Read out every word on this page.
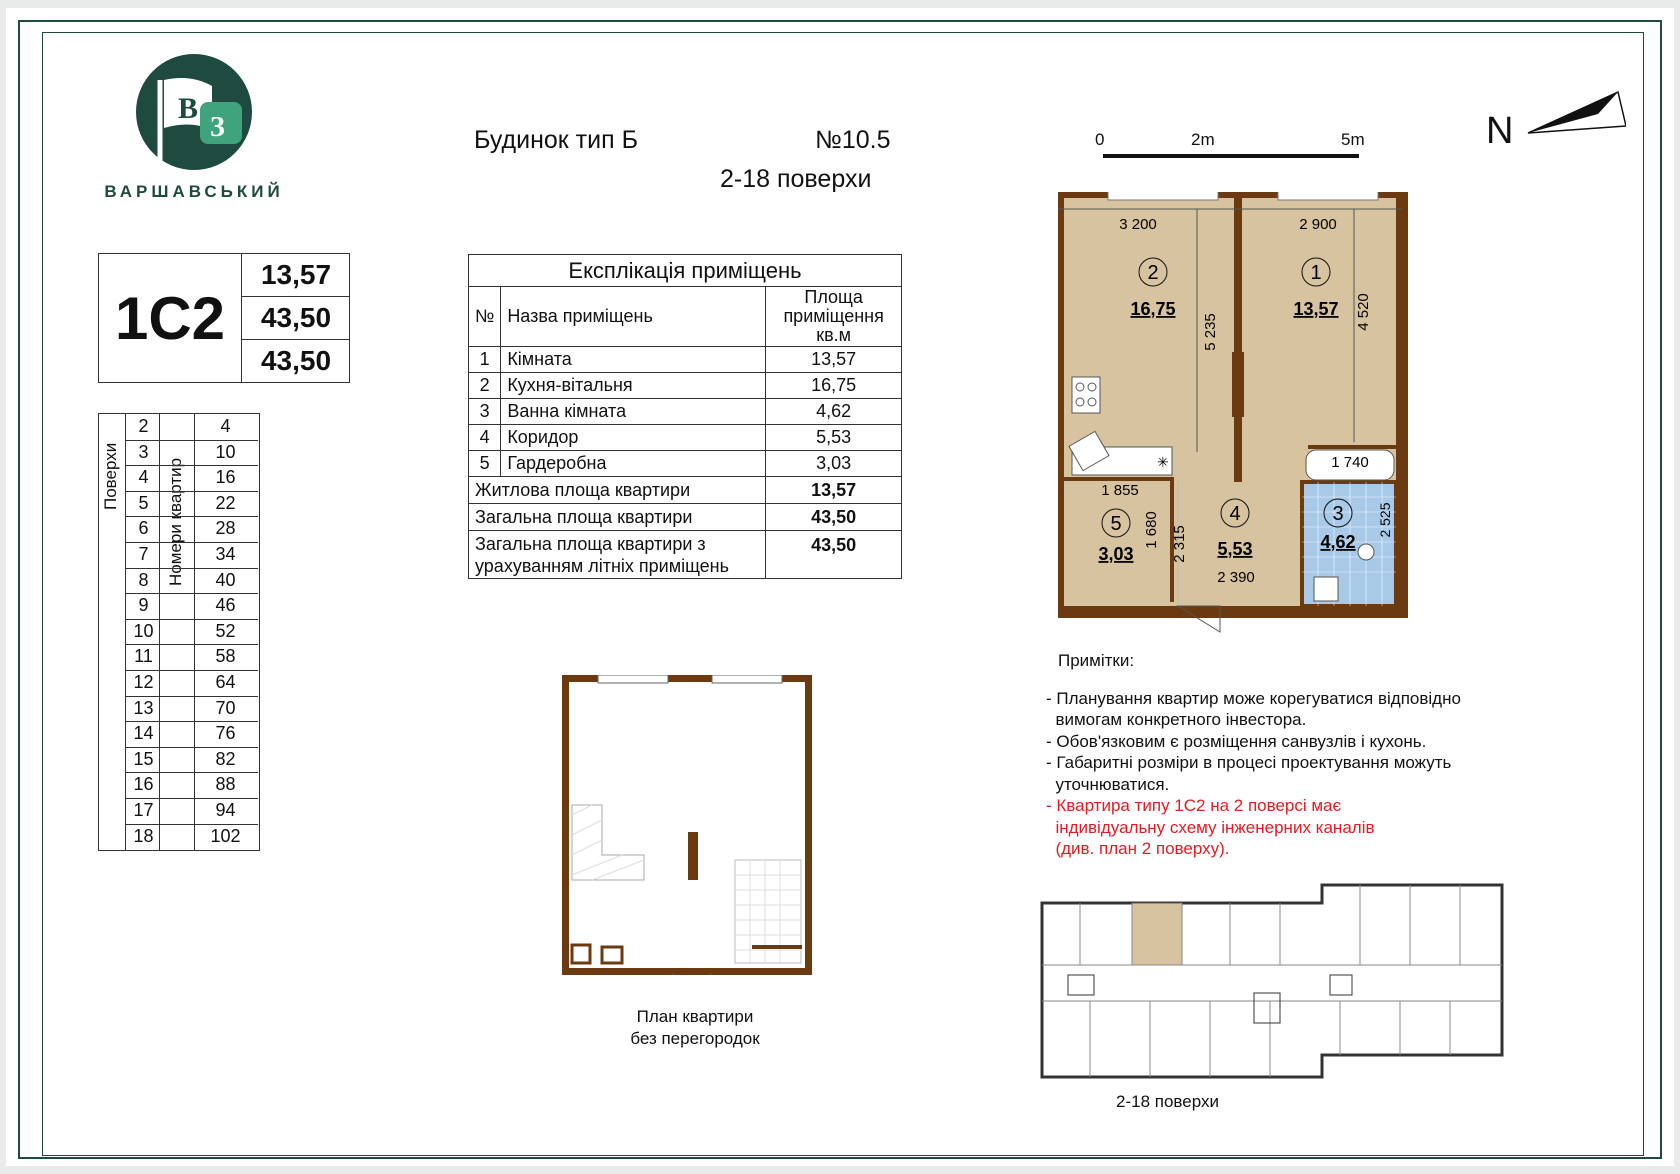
В
З
ВАРШАВСЬКИЙ
1С2
13,57
43,50
43,50
Поверхи	Номери квартир
2	4
3	10
4	16
5	22
6	28
7	34
8	40
9	46
10	52
11	58
12	64
13	70
14	76
15	82
16	88
17	94
18	102
Будинок тип Б	№10.5
2-18 поверхи
Експлікація приміщень		
№	Назва приміщень	Площа приміщення кв.м
1	Кімната	13,57
2	Кухня-вітальня	16,75
3	Ванна кімната	4,62
4	Коридор	5,53
5	Гардеробна	3,03
Житлова площа квартири		13,57
Загальна площа квартири		43,50
Загальна площа квартири з урахуванням літніх приміщень		43,50
План квартири
без перегородок
0	2m	5m	N
✳
3 200	2 900
5 235
4 520
1 740
1 855
2 525
1 680 2 315
2 390
2
16,75
1
13,57
4
5,53
5
3,03
3
4,62
Примітки:
- Планування квартир може корегуватися відповідно
вимогам конкретного інвестора.
- Обов'язковим є розміщення санвузлів і кухонь.
- Габаритні розміри в процесі проектування можуть
уточнюватися.
- Квартира типу 1С2 на 2 поверсі має
індивідуальну схему інженерних каналів
(див. план 2 поверху).
2-18 поверхи
